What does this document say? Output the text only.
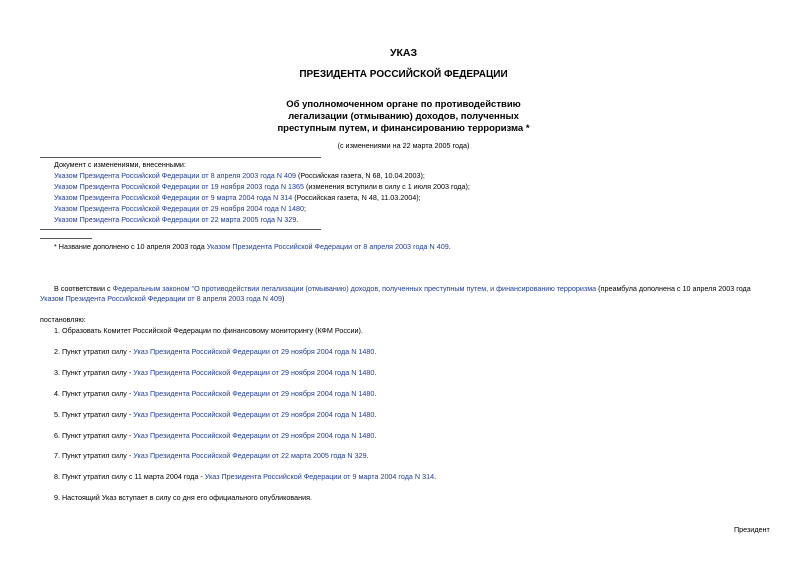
УКАЗ
ПРЕЗИДЕНТА РОССИЙСКОЙ ФЕДЕРАЦИИ
Об уполномоченном органе по противодействию
легализации (отмыванию) доходов, полученных
преступным путем, и финансированию терроризма *
(с изменениями на 22 марта 2005 года)
Документ с изменениями, внесенными:
Указом Президента Российской Федерации от 8 апреля 2003 года N 409 (Российская газета, N 68, 10.04.2003);
Указом Президента Российской Федерации от 19 ноября 2003 года N 1365 (изменения вступили в силу с 1 июля 2003 года);
Указом Президента Российской Федерации от 9 марта 2004 года N 314 (Российская газета, N 48, 11.03.2004);
Указом Президента Российской Федерации от 29 ноября 2004 года N 1480;
Указом Президента Российской Федерации от 22 марта 2005 года N 329.
* Название дополнено с 10 апреля 2003 года Указом Президента Российской Федерации от 8 апреля 2003 года N 409.
В соответствии с Федеральным законом "О противодействии легализации (отмыванию) доходов, полученных преступным путем, и финансированию терроризма (преамбула дополнена с 10 апреля 2003 года
Указом Президента Российской Федерации от 8 апреля 2003 года N 409)
постановляю:
1. Образовать Комитет Российской Федерации по финансовому мониторингу (КФМ России).
2. Пункт утратил силу - Указ Президента Российской Федерации от 29 ноября 2004 года N 1480.
3. Пункт утратил силу - Указ Президента Российской Федерации от 29 ноября 2004 года N 1480.
4. Пункт утратил силу - Указ Президента Российской Федерации от 29 ноября 2004 года N 1480.
5. Пункт утратил силу - Указ Президента Российской Федерации от 29 ноября 2004 года N 1480.
6. Пункт утратил силу - Указ Президента Российской Федерации от 29 ноября 2004 года N 1480.
7. Пункт утратил силу - Указ Президента Российской Федерации от 22 марта 2005 года N 329.
8. Пункт утратил силу с 11 марта 2004 года - Указ Президента Российской Федерации от 9 марта 2004 года N 314.
9. Настоящий Указ вступает в силу со дня его официального опубликования.
Президент
